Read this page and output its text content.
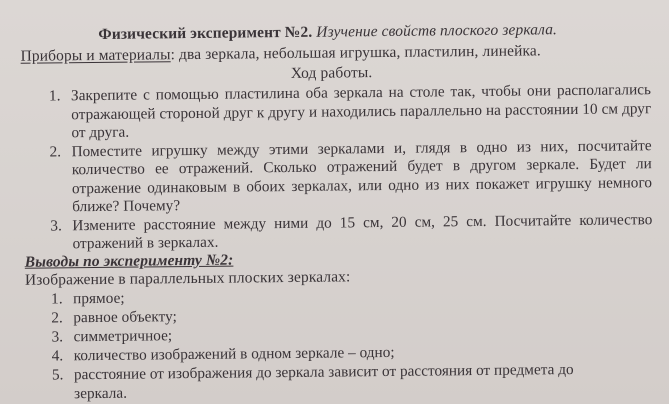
Физический эксперимент №2. Изучение свойств плоского зеркала.
Приборы и материалы: два зеркала, небольшая игрушка, пластилин, линейка.
Ход работы.
1. Закрепите с помощью пластилина оба зеркала на столе так, чтобы они располагались отражающей стороной друг к другу и находились параллельно на расстоянии 10 см друг от друга.
2. Поместите игрушку между этими зеркалами и, глядя в одно из них, посчитайте количество ее отражений. Сколько отражений будет в другом зеркале. Будет ли отражение одинаковым в обоих зеркалах, или одно из них покажет игрушку немного ближе? Почему?
3. Измените расстояние между ними до 15 см, 20 см, 25 см. Посчитайте количество отражений в зеркалах.
Выводы по эксперименту №2:
Изображение в параллельных плоских зеркалах:
1. прямое;
2. равное объекту;
3. симметричное;
4. количество изображений в одном зеркале – одно;
5. расстояние от изображения до зеркала зависит от расстояния от предмета до зеркала.
